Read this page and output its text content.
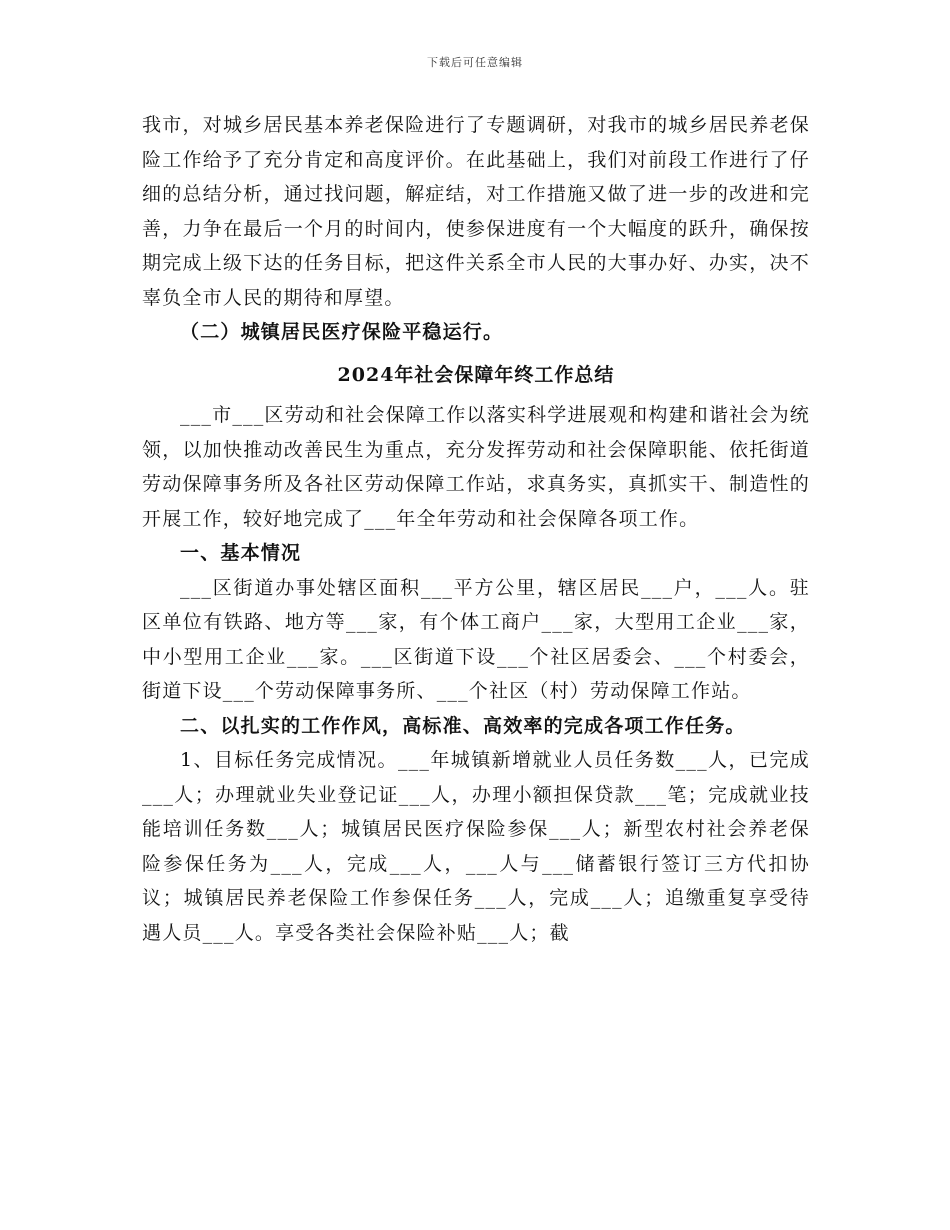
下载后可任意编辑

我市，对城乡居民基本养老保险进行了专题调研，对我市的城乡居民养老保险工作给予了充分肯定和高度评价。在此基础上，我们对前段工作进行了仔细的总结分析，通过找问题，解症结，对工作措施又做了进一步的改进和完善，力争在最后一个月的时间内，使参保进度有一个大幅度的跃升，确保按期完成上级下达的任务目标，把这件关系全市人民的大事办好、办实，决不辜负全市人民的期待和厚望。

（二）城镇居民医疗保险平稳运行。

2024年社会保障年终工作总结

___市___区劳动和社会保障工作以落实科学进展观和构建和谐社会为统领，以加快推动改善民生为重点，充分发挥劳动和社会保障职能、依托街道劳动保障事务所及各社区劳动保障工作站，求真务实，真抓实干、制造性的开展工作，较好地完成了___年全年劳动和社会保障各项工作。

一、基本情况

___区街道办事处辖区面积___平方公里，辖区居民___户，___人。驻区单位有铁路、地方等___家，有个体工商户___家，大型用工企业___家，中小型用工企业___家。___区街道下设___个社区居委会、___个村委会，街道下设___个劳动保障事务所、___个社区（村）劳动保障工作站。

二、以扎实的工作作风，高标准、高效率的完成各项工作任务。

1、目标任务完成情况。___年城镇新增就业人员任务数___人，已完成___人；办理就业失业登记证___人，办理小额担保贷款___笔；完成就业技能培训任务数___人；城镇居民医疗保险参保___人；新型农村社会养老保险参保任务为___人，完成___人，___人与___储蓄银行签订三方代扣协议；城镇居民养老保险工作参保任务___人，完成___人；追缴重复享受待遇人员___人。享受各类社会保险补贴___人；截
